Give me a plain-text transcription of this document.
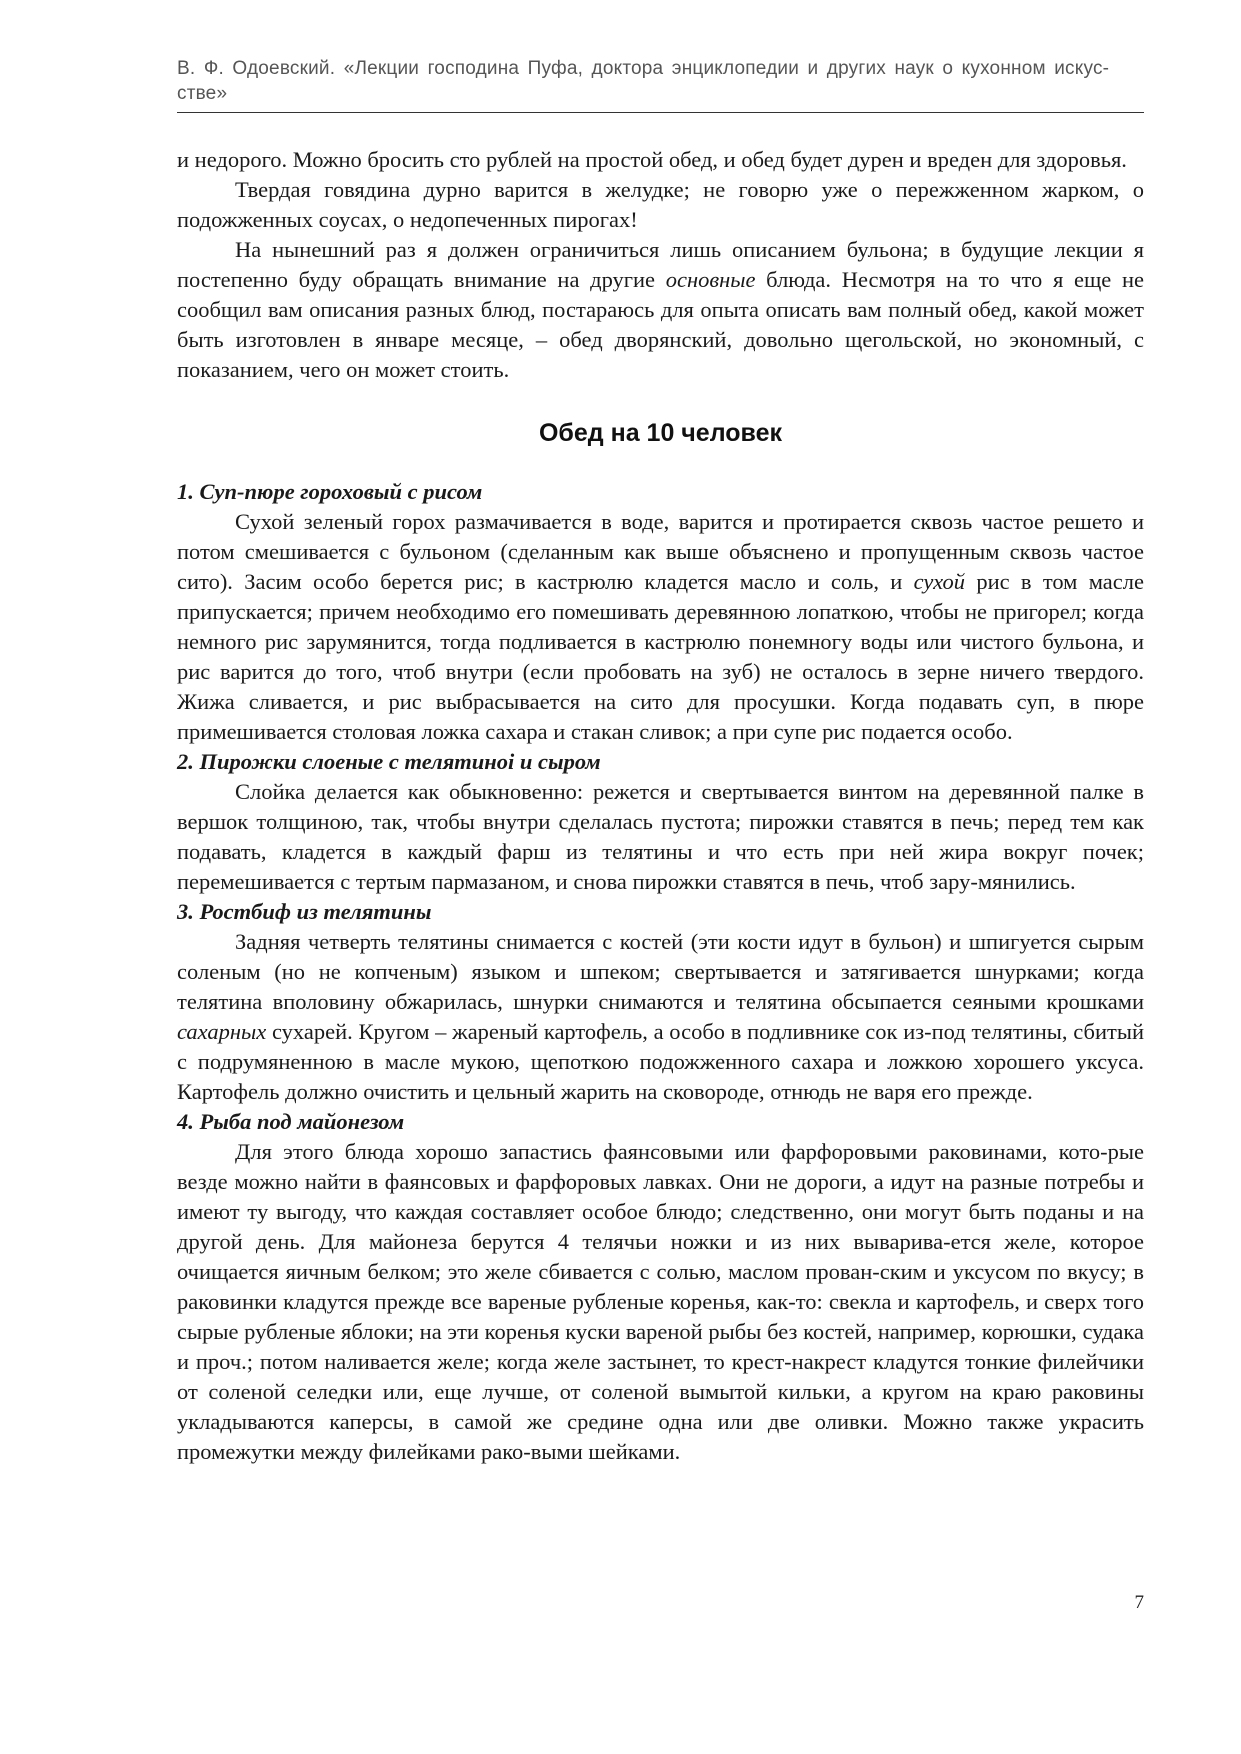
В. Ф. Одоевский. «Лекции господина Пуфа, доктора энциклопедии и других наук о кухонном искус-стве»

и недорого. Можно бросить сто рублей на простой обед, и обед будет дурен и вреден для здоровья.

Твердая говядина дурно варится в желудке; не говорю уже о пережженном жарком, о подожженных соусах, о недопеченных пирогах!

На нынешний раз я должен ограничиться лишь описанием бульона; в будущие лекции я постепенно буду обращать внимание на другие основные блюда. Несмотря на то что я еще не сообщил вам описания разных блюд, постараюсь для опыта описать вам полный обед, какой может быть изготовлен в январе месяце, – обед дворянский, довольно щегольской, но экономный, с показанием, чего он может стоить.

Обед на 10 человек

1. Суп-пюре гороховый с рисом

Сухой зеленый горох размачивается в воде, варится и протирается сквозь частое решето и потом смешивается с бульоном (сделанным как выше объяснено и пропущенным сквозь частое сито). Засим особо берется рис; в кастрюлю кладется масло и соль, и сухой рис в том масле припускается; причем необходимо его помешивать деревянною лопаткою, чтобы не пригорел; когда немного рис зарумянится, тогда подливается в кастрюлю понемногу воды или чистого бульона, и рис варится до того, чтоб внутри (если пробовать на зуб) не осталось в зерне ничего твердого. Жижа сливается, и рис выбрасывается на сито для просушки. Когда подавать суп, в пюре примешивается столовая ложка сахара и стакан сливок; а при супе рис подается особо.

2. Пирожки слоеные с телятиноі и сыром

Слойка делается как обыкновенно: режется и свертывается винтом на деревянной палке в вершок толщиною, так, чтобы внутри сделалась пустота; пирожки ставятся в печь; перед тем как подавать, кладется в каждый фарш из телятины и что есть при ней жира вокруг почек; перемешивается с тертым пармазаном, и снова пирожки ставятся в печь, чтоб зару-мянились.

3. Ростбиф из телятины

Задняя четверть телятины снимается с костей (эти кости идут в бульон) и шпигуется сырым соленым (но не копченым) языком и шпеком; свертывается и затягивается шнурками; когда телятина вполовину обжарилась, шнурки снимаются и телятина обсыпается сеяными крошками сахарных сухарей. Кругом – жареный картофель, а особо в подливнике сок из-под телятины, сбитый с подрумяненною в масле мукою, щепоткою подожженного сахара и ложкою хорошего уксуса. Картофель должно очистить и цельный жарить на сковороде, отнюдь не варя его прежде.

4. Рыба под майонезом

Для этого блюда хорошо запастись фаянсовыми или фарфоровыми раковинами, кото-рые везде можно найти в фаянсовых и фарфоровых лавках. Они не дороги, а идут на разные потребы и имеют ту выгоду, что каждая составляет особое блюдо; следственно, они могут быть поданы и на другой день. Для майонеза берутся 4 телячьи ножки и из них выварива-ется желе, которое очищается яичным белком; это желе сбивается с солью, маслом прован-ским и уксусом по вкусу; в раковинки кладутся прежде все вареные рубленые коренья, как-то: свекла и картофель, и сверх того сырые рубленые яблоки; на эти коренья куски вареной рыбы без костей, например, корюшки, судака и проч.; потом наливается желе; когда желе застынет, то крест-накрест кладутся тонкие филейчики от соленой селедки или, еще лучше, от соленой вымытой кильки, а кругом на краю раковины укладываются каперсы, в самой же средине одна или две оливки. Можно также украсить промежутки между филейками рако-выми шейками.

7
